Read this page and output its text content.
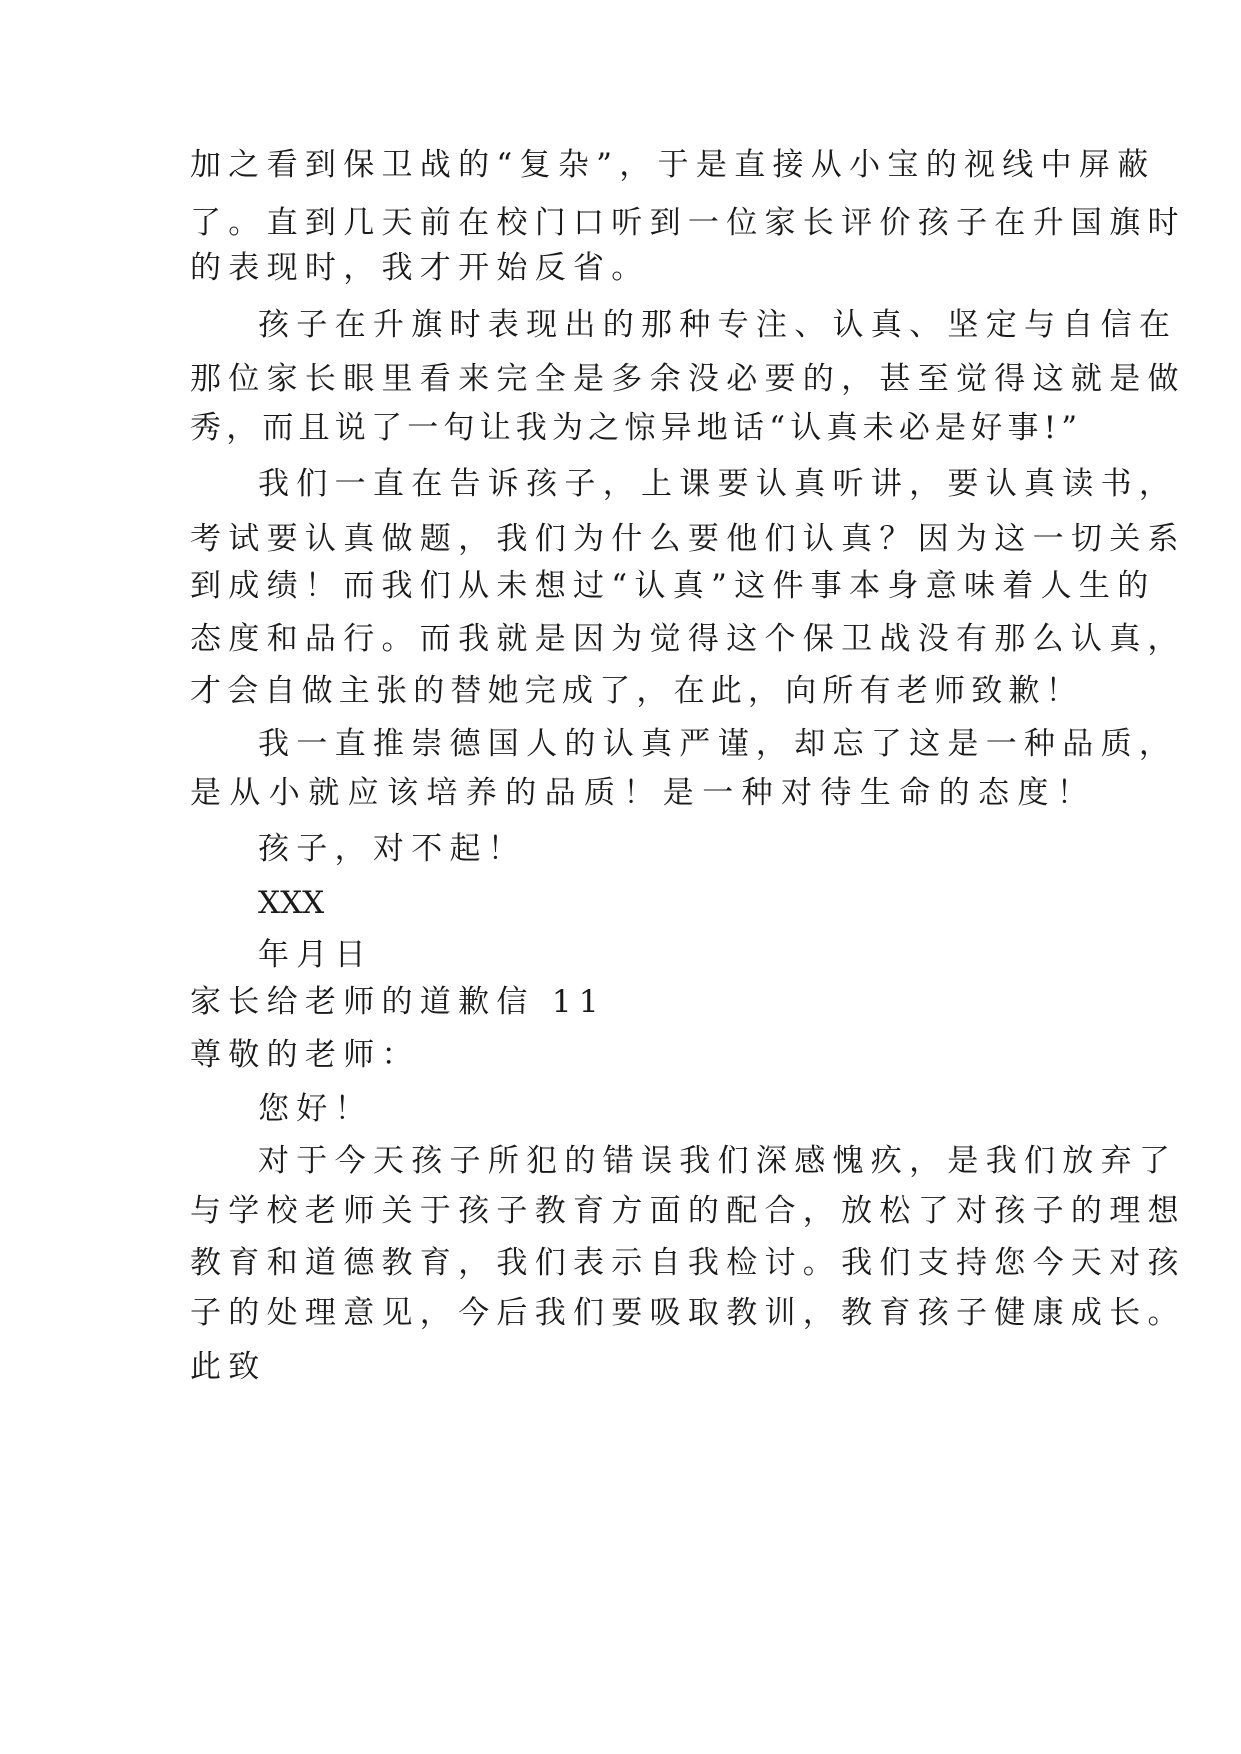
加之看到保卫战的“复杂”，于是直接从小宝的视线中屏蔽
了。直到几天前在校门口听到一位家长评价孩子在升国旗时
的表现时，我才开始反省。
孩子在升旗时表现出的那种专注、认真、坚定与自信在
那位家长眼里看来完全是多余没必要的，甚至觉得这就是做
秀，而且说了一句让我为之惊异地话“认真未必是好事!”
我们一直在告诉孩子，上课要认真听讲，要认真读书，
考试要认真做题，我们为什么要他们认真？因为这一切关系
到成绩！而我们从未想过“认真”这件事本身意味着人生的
态度和品行。而我就是因为觉得这个保卫战没有那么认真，
才会自做主张的替她完成了，在此，向所有老师致歉！
我一直推崇德国人的认真严谨，却忘了这是一种品质，
是从小就应该培养的品质！是一种对待生命的态度！
孩子，对不起！
XXX
年月日
家长给老师的道歉信 11
尊敬的老师：
您好！
对于今天孩子所犯的错误我们深感愧疚，是我们放弃了
与学校老师关于孩子教育方面的配合，放松了对孩子的理想
教育和道德教育，我们表示自我检讨。我们支持您今天对孩
子的处理意见，今后我们要吸取教训，教育孩子健康成长。
此致
